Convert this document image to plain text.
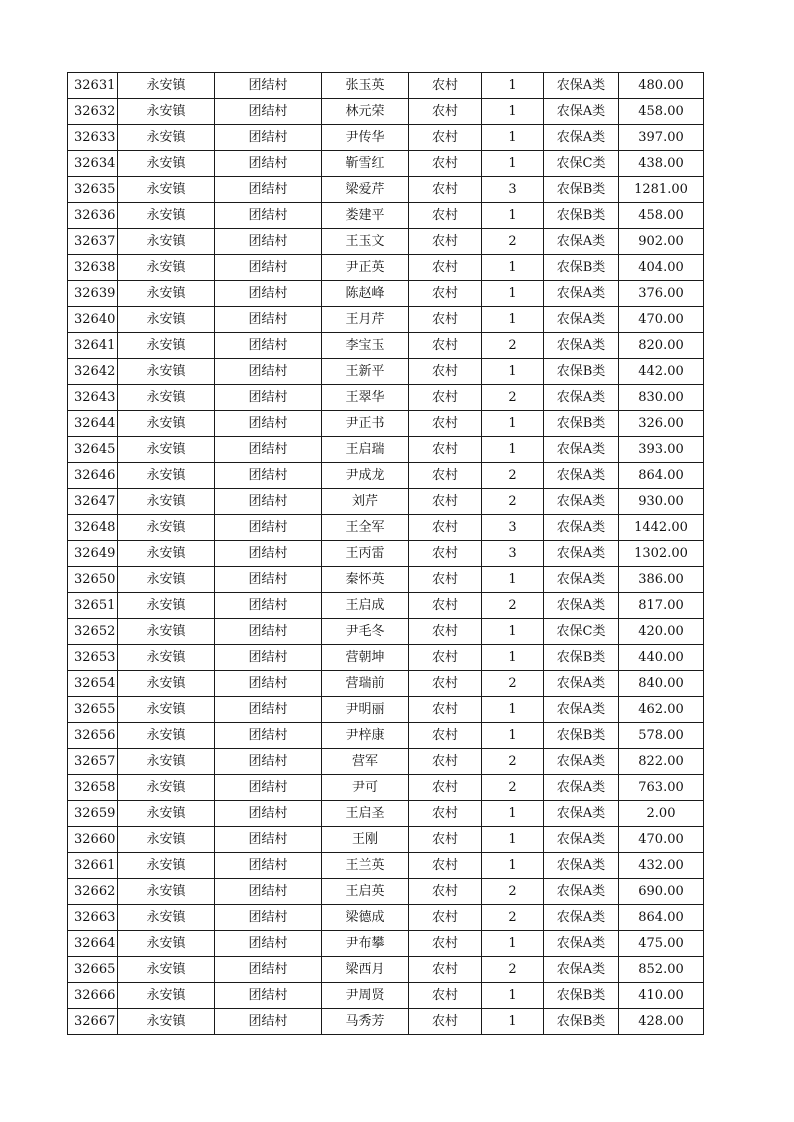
32631	永安镇	团结村	张玉英	农村	1	农保A类	480.00
32632	永安镇	团结村	林元荣	农村	1	农保A类	458.00
32633	永安镇	团结村	尹传华	农村	1	农保A类	397.00
32634	永安镇	团结村	靳雪红	农村	1	农保C类	438.00
32635	永安镇	团结村	梁爱芹	农村	3	农保B类	1281.00
32636	永安镇	团结村	娄建平	农村	1	农保B类	458.00
32637	永安镇	团结村	王玉文	农村	2	农保A类	902.00
32638	永安镇	团结村	尹正英	农村	1	农保B类	404.00
32639	永安镇	团结村	陈赵峰	农村	1	农保A类	376.00
32640	永安镇	团结村	王月芹	农村	1	农保A类	470.00
32641	永安镇	团结村	李宝玉	农村	2	农保A类	820.00
32642	永安镇	团结村	王新平	农村	1	农保B类	442.00
32643	永安镇	团结村	王翠华	农村	2	农保A类	830.00
32644	永安镇	团结村	尹正书	农村	1	农保B类	326.00
32645	永安镇	团结村	王启瑞	农村	1	农保A类	393.00
32646	永安镇	团结村	尹成龙	农村	2	农保A类	864.00
32647	永安镇	团结村	刘芹	农村	2	农保A类	930.00
32648	永安镇	团结村	王全军	农村	3	农保A类	1442.00
32649	永安镇	团结村	王丙雷	农村	3	农保A类	1302.00
32650	永安镇	团结村	秦怀英	农村	1	农保A类	386.00
32651	永安镇	团结村	王启成	农村	2	农保A类	817.00
32652	永安镇	团结村	尹毛冬	农村	1	农保C类	420.00
32653	永安镇	团结村	营朝坤	农村	1	农保B类	440.00
32654	永安镇	团结村	营瑞前	农村	2	农保A类	840.00
32655	永安镇	团结村	尹明丽	农村	1	农保A类	462.00
32656	永安镇	团结村	尹梓康	农村	1	农保B类	578.00
32657	永安镇	团结村	营军	农村	2	农保A类	822.00
32658	永安镇	团结村	尹可	农村	2	农保A类	763.00
32659	永安镇	团结村	王启圣	农村	1	农保A类	2.00
32660	永安镇	团结村	王刚	农村	1	农保A类	470.00
32661	永安镇	团结村	王兰英	农村	1	农保A类	432.00
32662	永安镇	团结村	王启英	农村	2	农保A类	690.00
32663	永安镇	团结村	梁德成	农村	2	农保A类	864.00
32664	永安镇	团结村	尹布攀	农村	1	农保A类	475.00
32665	永安镇	团结村	梁西月	农村	2	农保A类	852.00
32666	永安镇	团结村	尹周贤	农村	1	农保B类	410.00
32667	永安镇	团结村	马秀芳	农村	1	农保B类	428.00
